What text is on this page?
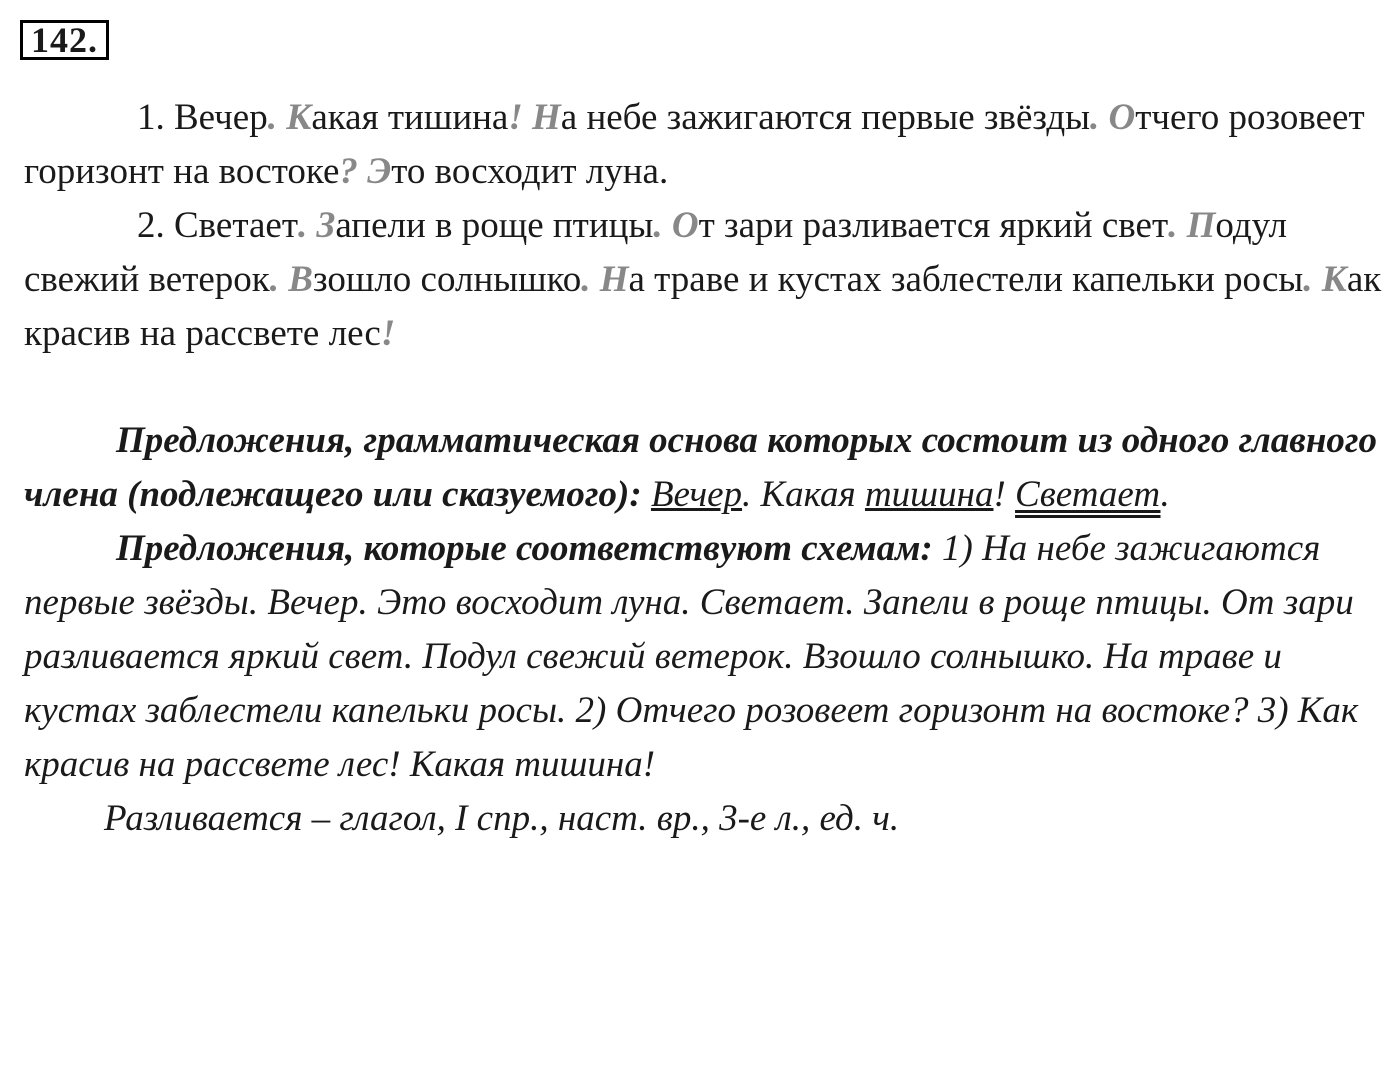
142.

1. Вечер. Какая тишина! На небе зажигаются первые звёзды. Отчего розовеет горизонт на востоке? Это восходит луна.

2. Светает. Запели в роще птицы. От зари разливается яркий свет. Подул свежий ветерок. Взошло солнышко. На траве и кустах заблестели капельки росы. Как красив на рассвете лес!

Предложения, грамматическая основа которых состоит из одного главного члена (подлежащего или сказуемого): Вечер. Какая тишина! Светает.

Предложения, которые соответствуют схемам: 1) На небе зажигаются первые звёзды. Вечер. Это восходит луна. Светает. Запели в роще птицы. От зари разливается яркий свет. Подул свежий ветерок. Взошло солнышко. На траве и кустах заблестели капельки росы. 2) Отчего розовеет горизонт на востоке? 3) Как красив на рассвете лес! Какая тишина!

Разливается – глагол, I спр., наст. вр., 3-е л., ед. ч.
